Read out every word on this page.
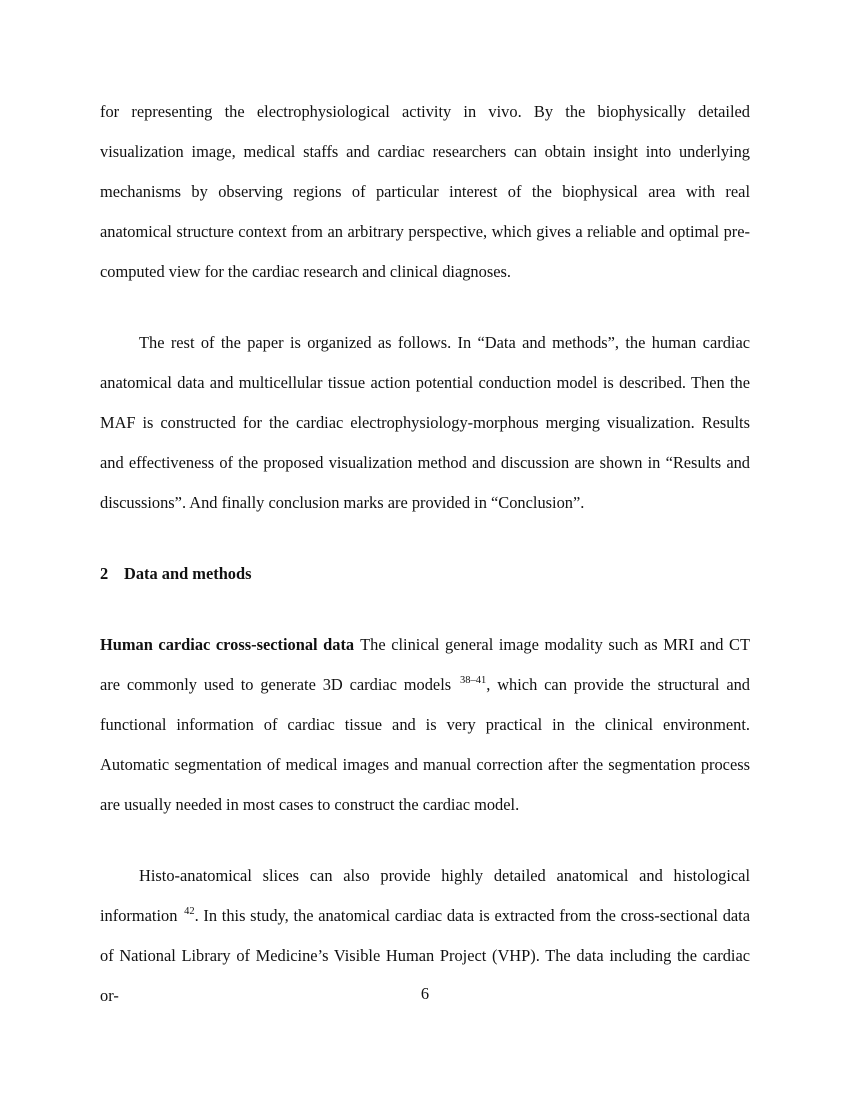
for representing the electrophysiological activity in vivo. By the biophysically detailed visualization image, medical staffs and cardiac researchers can obtain insight into underlying mechanisms by observing regions of particular interest of the biophysical area with real anatomical structure context from an arbitrary perspective, which gives a reliable and optimal pre-computed view for the cardiac research and clinical diagnoses.

The rest of the paper is organized as follows. In “Data and methods”, the human cardiac anatomical data and multicellular tissue action potential conduction model is described. Then the MAF is constructed for the cardiac electrophysiology-morphous merging visualization. Results and effectiveness of the proposed visualization method and discussion are shown in “Results and discussions”. And finally conclusion marks are provided in “Conclusion”.

2 Data and methods

Human cardiac cross-sectional data The clinical general image modality such as MRI and CT are commonly used to generate 3D cardiac models $^{38-41}$, which can provide the structural and functional information of cardiac tissue and is very practical in the clinical environment. Automatic segmentation of medical images and manual correction after the segmentation process are usually needed in most cases to construct the cardiac model.

Histo-anatomical slices can also provide highly detailed anatomical and histological information $^{42}$. In this study, the anatomical cardiac data is extracted from the cross-sectional data of National Library of Medicine’s Visible Human Project (VHP). The data including the cardiac or-	6
